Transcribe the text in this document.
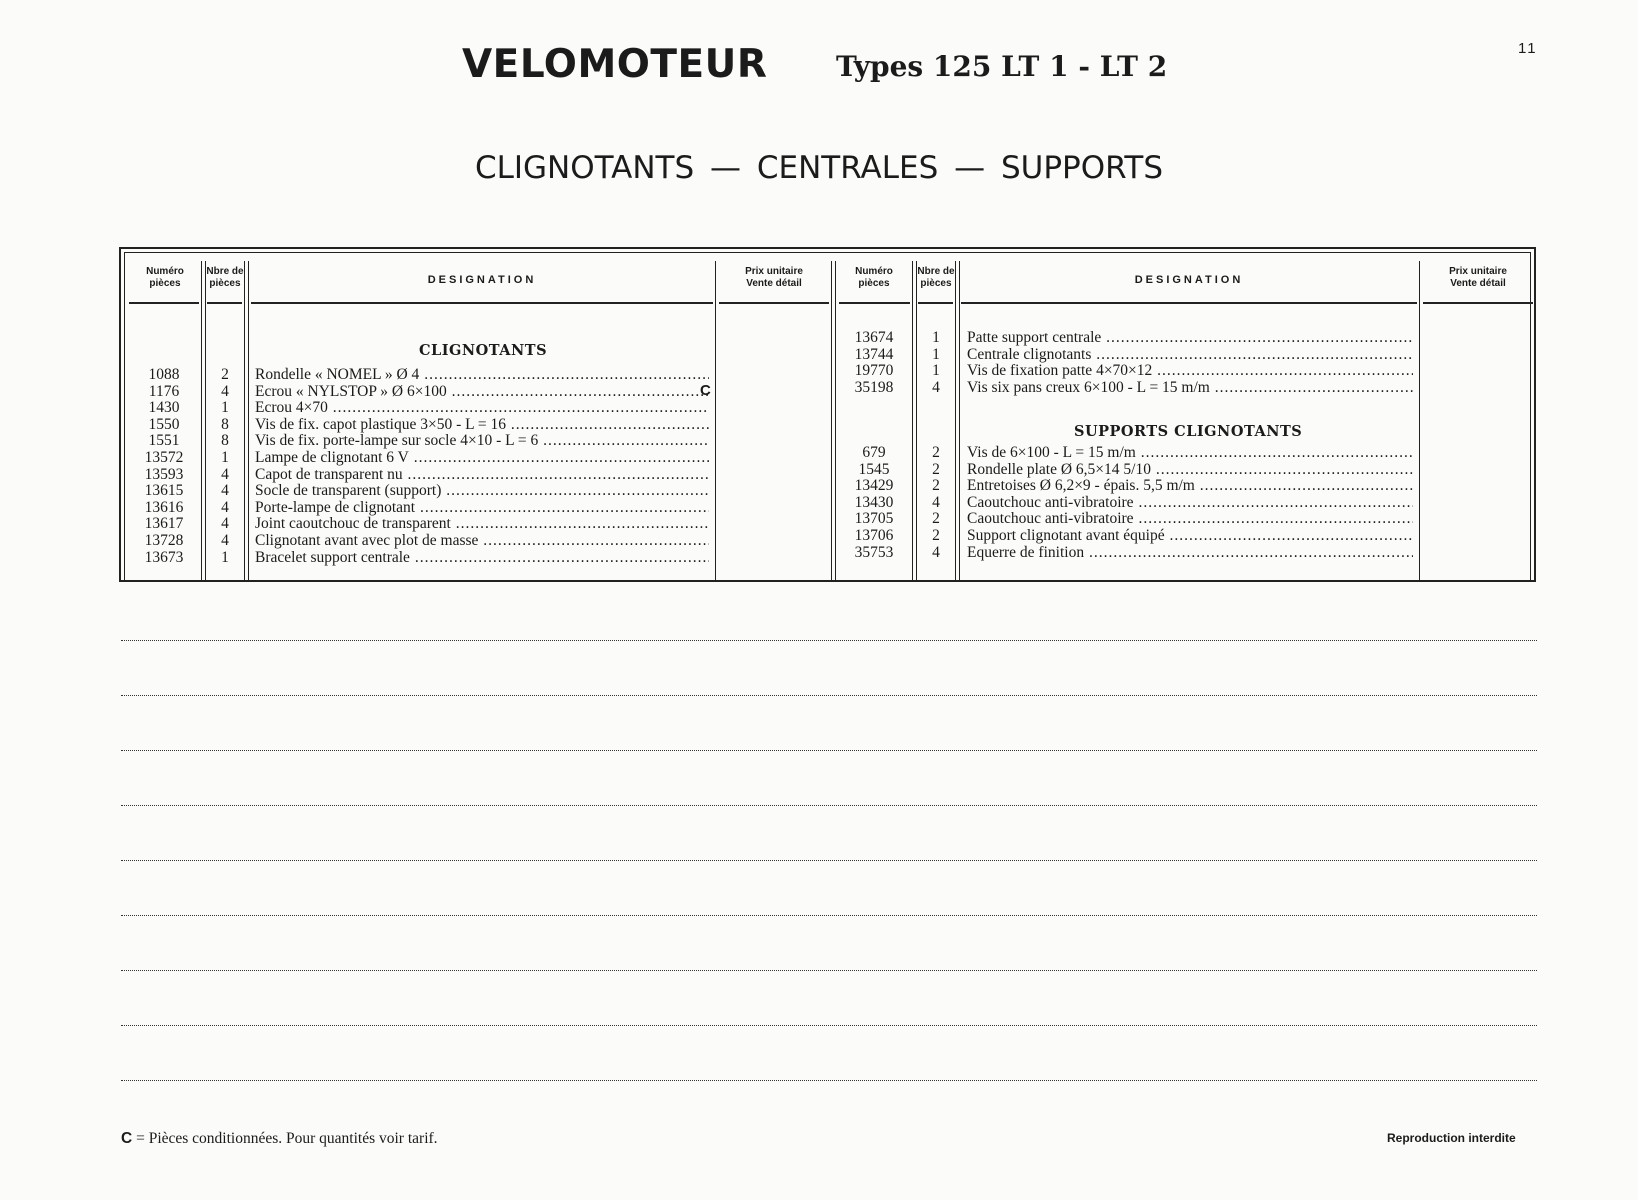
11
VELOMOTEUR Types 125 LT 1 - LT 2
CLIGNOTANTS — CENTRALES — SUPPORTS
Numéro
pièces
Nbre de
pièces	DESIGNATION
Prix unitaire
Vente détail
Numéro
pièces
Nbre de
pièces	DESIGNATION
Prix unitaire
Vente détail
CLIGNOTANTS
1088	2	Rondelle « NOMEL » Ø 4 .....
1176	4	Ecrou « NYLSTOP » Ø 6×100 .....	C
1430	1	Ecrou 4×70 .....
1550	8	Vis de fix. capot plastique 3×50 - L = 16 .....
1551	8	Vis de fix. porte-lampe sur socle 4×10 - L = 6 .....
13572	1	Lampe de clignotant 6 V .....
13593	4	Capot de transparent nu .....
13615	4	Socle de transparent (support) .....
13616	4	Porte-lampe de clignotant .....
13617	4	Joint caoutchouc de transparent .....
13728	4	Clignotant avant avec plot de masse .....
13673	1	Bracelet support centrale .....
13674	1	Patte support centrale .....
13744	1	Centrale clignotants .....
19770	1	Vis de fixation patte 4×70×12 .....
35198	4	Vis six pans creux 6×100 - L = 15 m/m .....
SUPPORTS CLIGNOTANTS
679	2	Vis de 6×100 - L = 15 m/m .....
1545	2	Rondelle plate Ø 6,5×14 5/10 .....
13429	2	Entretoises Ø 6,2×9 - épais. 5,5 m/m .....
13430	4	Caoutchouc anti-vibratoire .....
13705	2	Caoutchouc anti-vibratoire .....
13706	2	Support clignotant avant équipé .....
35753	4	Equerre de finition .....
C = Pièces conditionnées. Pour quantités voir tarif.	Reproduction interdite
